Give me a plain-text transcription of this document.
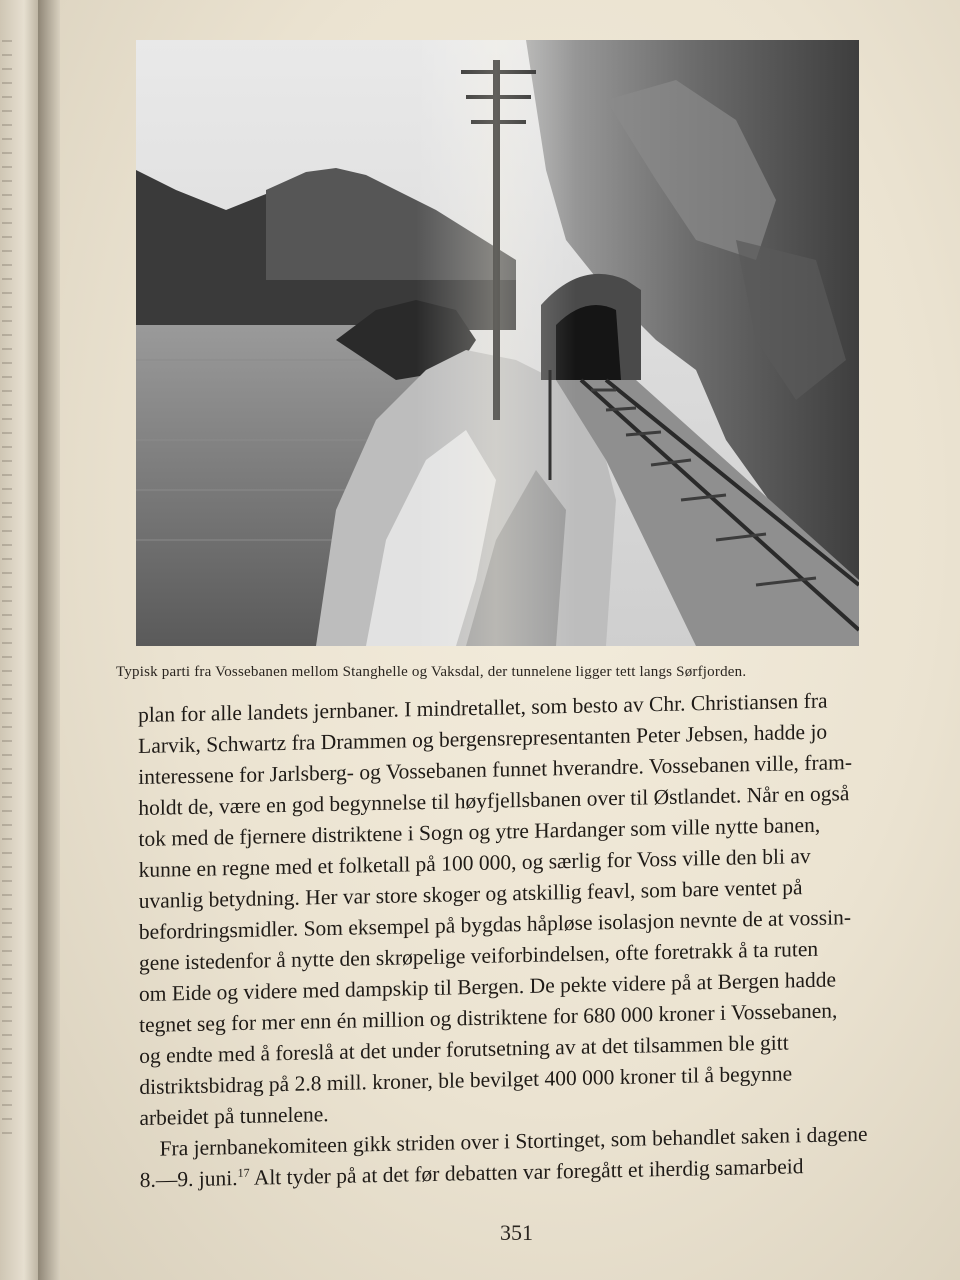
Typisk parti fra Vossebanen mellom Stanghelle og Vaksdal, der tunnelene ligger tett langs Sørfjorden.
plan for alle landets jernbaner. I mindretallet, som besto av Chr. Christiansen fra
Larvik, Schwartz fra Drammen og bergensrepresentanten Peter Jebsen, hadde jo
interessene for Jarlsberg- og Vossebanen funnet hverandre. Vossebanen ville, fram-
holdt de, være en god begynnelse til høyfjellsbanen over til Østlandet. Når en også
tok med de fjernere distriktene i Sogn og ytre Hardanger som ville nytte banen,
kunne en regne med et folketall på 100 000, og særlig for Voss ville den bli av
uvanlig betydning. Her var store skoger og atskillig feavl, som bare ventet på
befordringsmidler. Som eksempel på bygdas håpløse isolasjon nevnte de at vossin-
gene istedenfor å nytte den skrøpelige veiforbindelsen, ofte foretrakk å ta ruten
om Eide og videre med dampskip til Bergen. De pekte videre på at Bergen hadde
tegnet seg for mer enn én million og distriktene for 680 000 kroner i Vossebanen,
og endte med å foreslå at det under forutsetning av at det tilsammen ble gitt
distriktsbidrag på 2.8 mill. kroner, ble bevilget 400 000 kroner til å begynne
arbeidet på tunnelene.
Fra jernbanekomiteen gikk striden over i Stortinget, som behandlet saken i dagene
8.—9. juni.$^{17}$ Alt tyder på at det før debatten var foregått et iherdig samarbeid
351
